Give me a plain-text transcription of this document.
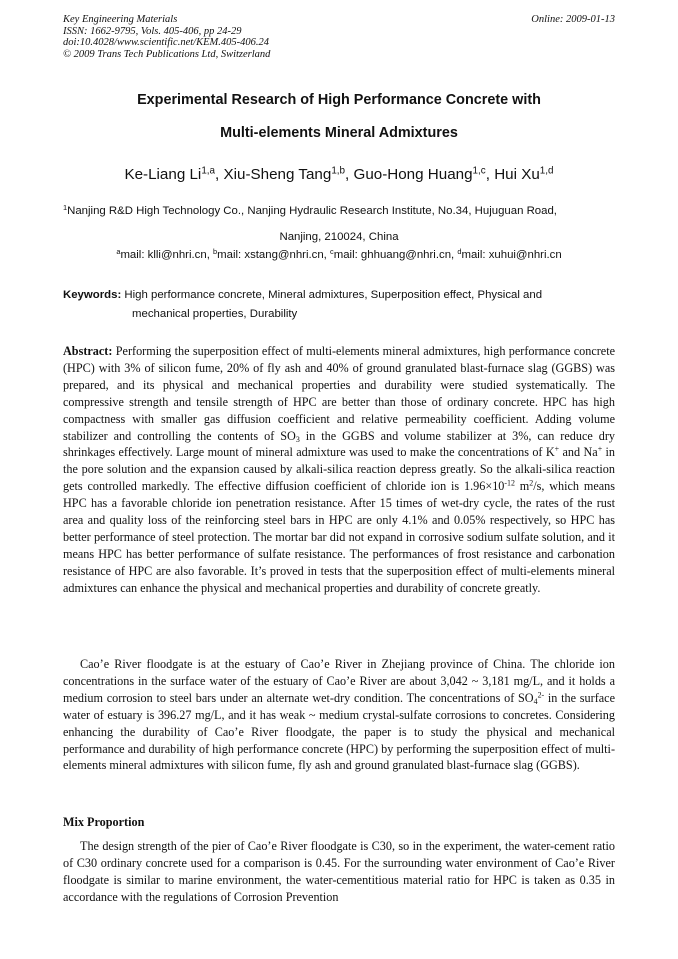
Key Engineering Materials
ISSN: 1662-9795, Vols. 405-406, pp 24-29
doi:10.4028/www.scientific.net/KEM.405-406.24
© 2009 Trans Tech Publications Ltd, Switzerland
Online: 2009-01-13
Experimental Research of High Performance Concrete with
Multi-elements Mineral Admixtures
Ke-Liang Li$^{1,a}$, Xiu-Sheng Tang$^{1,b}$, Guo-Hong Huang$^{1,c}$, Hui Xu$^{1,d}$
$^1$Nanjing R&D High Technology Co., Nanjing Hydraulic Research Institute, No.34, Hujuguan Road,
Nanjing, 210024, China
$^a$mail: klli@nhri.cn, $^b$mail: xstang@nhri.cn, $^c$mail: ghhuang@nhri.cn, $^d$mail: xuhui@nhri.cn
Keywords: High performance concrete, Mineral admixtures, Superposition effect, Physical and
mechanical properties, Durability

Abstract: Performing the superposition effect of multi-elements mineral admixtures, high performance concrete (HPC) with 3% of silicon fume, 20% of fly ash and 40% of ground granulated blast-furnace slag (GGBS) was prepared, and its physical and mechanical properties and durability were studied systematically. The compressive strength and tensile strength of HPC are better than those of ordinary concrete. HPC has high compactness with smaller gas diffusion coefficient and relative permeability coefficient. Adding volume stabilizer and controlling the contents of $SO_3$ in the GGBS and volume stabilizer at 3%, can reduce dry shrinkages effectively. Large mount of mineral admixture was used to make the concentrations of K+ and Na+ in the pore solution and the expansion caused by alkali-silica reaction depress greatly. So the alkali-silica reaction gets controlled markedly. The effective diffusion coefficient of chloride ion is $1.96\times 10^{-12}$ $m^2/s$, which means HPC has a favorable chloride ion penetration resistance. After 15 times of wet-dry cycle, the rates of the rust area and quality loss of the reinforcing steel bars in HPC are only 4.1% and 0.05% respectively, so HPC has better performance of steel protection. The mortar bar did not expand in corrosive sodium sulfate solution, and it means HPC has better performance of sulfate resistance. The performances of frost resistance and carbonation resistance of HPC are also favorable. It’s proved in tests that the superposition effect of multi-elements mineral admixtures can enhance the physical and mechanical properties and durability of concrete greatly.

Cao’e River floodgate is at the estuary of Cao’e River in Zhejiang province of China. The chloride ion concentrations in the surface water of the estuary of Cao’e River are about 3,042 ~ 3,181 mg/L, and it holds a medium corrosion to steel bars under an alternate wet-dry condition. The concentrations of $SO_4^{2-}$ in the surface water of estuary is 396.27 mg/L, and it has weak ~ medium crystal-sulfate corrosions to concretes. Considering enhancing the durability of Cao’e River floodgate, the paper is to study the physical and mechanical performance and durability of high performance concrete (HPC) by performing the superposition effect of multi-elements mineral admixtures with silicon fume, fly ash and ground granulated blast-furnace slag (GGBS).

Mix Proportion

The design strength of the pier of Cao’e River floodgate is C30, so in the experiment, the water-cement ratio of C30 ordinary concrete used for a comparison is 0.45. For the surrounding water environment of Cao’e River floodgate is similar to marine environment, the water-cementitious material ratio for HPC is taken as 0.35 in accordance with the regulations of Corrosion Prevention
